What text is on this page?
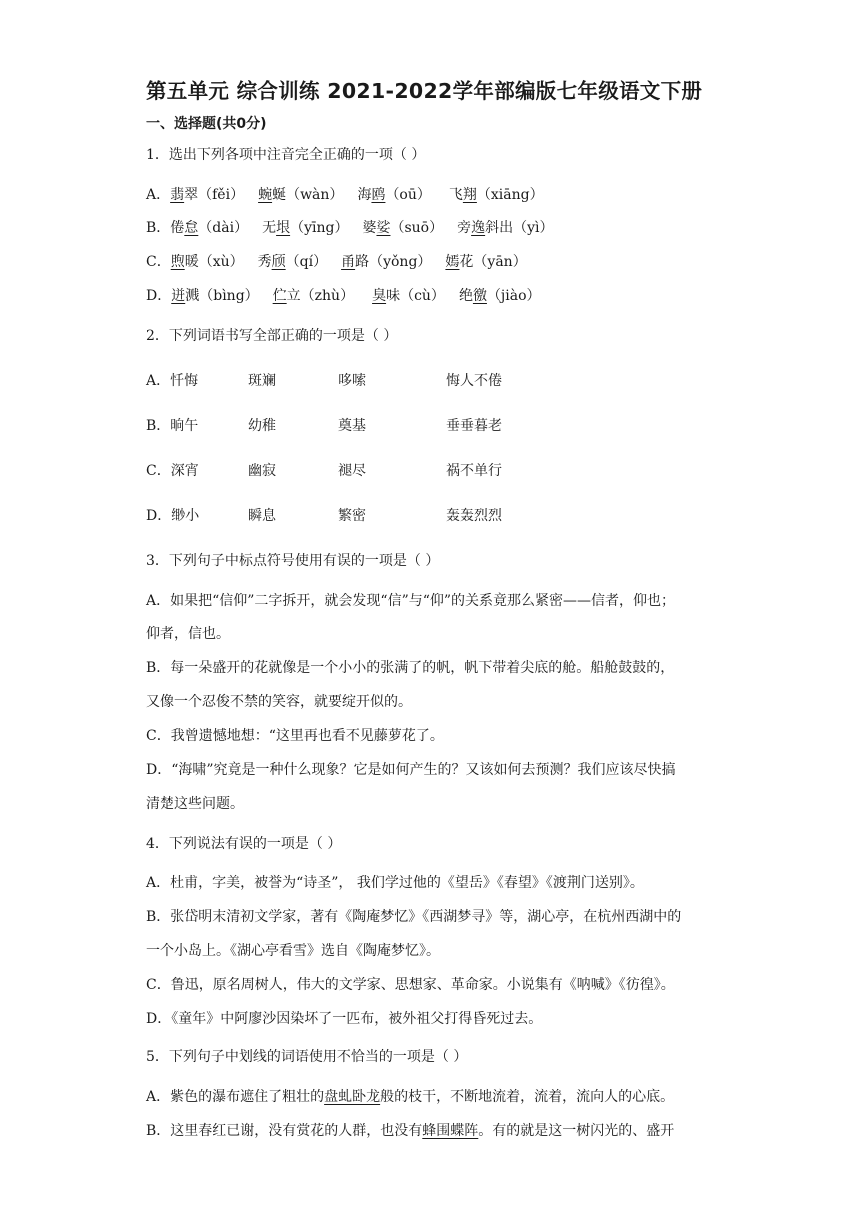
第五单元 综合训练 2021-2022学年部编版七年级语文下册
一、选择题(共0分)
1．选出下列各项中注音完全正确的一项（ ）
A．翡翠（fěi） 蜿蜒（wàn） 海鸥（oū） 飞翔（xiāng）
B．倦怠（dài） 无垠（yīng） 婆娑（suō） 旁逸斜出（yì）
C．煦暖（xù） 秀颀（qí） 甬路（yǒng） 嫣花（yān）
D．迸溅（bìng） 伫立（zhù） 臭味（cù） 绝徼（jiào）
2．下列词语书写全部正确的一项是（ ）
A．忏悔	斑斓	哆嗦	悔人不倦
B．晌午	幼稚	奠基	垂垂暮老
C．深宵	幽寂	褪尽	祸不单行
D．缈小	瞬息	繁密	轰轰烈烈
3．下列句子中标点符号使用有误的一项是（ ）
A．如果把“信仰”二字拆开，就会发现“信”与“仰”的关系竟那么紧密——信者，仰也；
仰者，信也。
B．每一朵盛开的花就像是一个小小的张满了的帆，帆下带着尖底的舱。船舱鼓鼓的，
又像一个忍俊不禁的笑容，就要绽开似的。
C．我曾遗憾地想：“这里再也看不见藤萝花了。
D．“海啸”究竟是一种什么现象？它是如何产生的？又该如何去预测？我们应该尽快搞
清楚这些问题。
4．下列说法有误的一项是（ ）
A．杜甫，字美，被誉为“诗圣”， 我们学过他的《望岳》《春望》《渡荆门送别》。
B．张岱明末清初文学家，著有《陶庵梦忆》《西湖梦寻》等，湖心亭，在杭州西湖中的
一个小岛上。《湖心亭看雪》选自《陶庵梦忆》。
C．鲁迅，原名周树人，伟大的文学家、思想家、革命家。小说集有《呐喊》《彷徨》。
D．《童年》中阿廖沙因染坏了一匹布，被外祖父打得昏死过去。
5．下列句子中划线的词语使用不恰当的一项是（ ）
A．紫色的瀑布遮住了粗壮的盘虬卧龙般的枝干，不断地流着，流着，流向人的心底。
B．这里春红已谢，没有赏花的人群，也没有蜂围蝶阵。有的就是这一树闪光的、盛开
